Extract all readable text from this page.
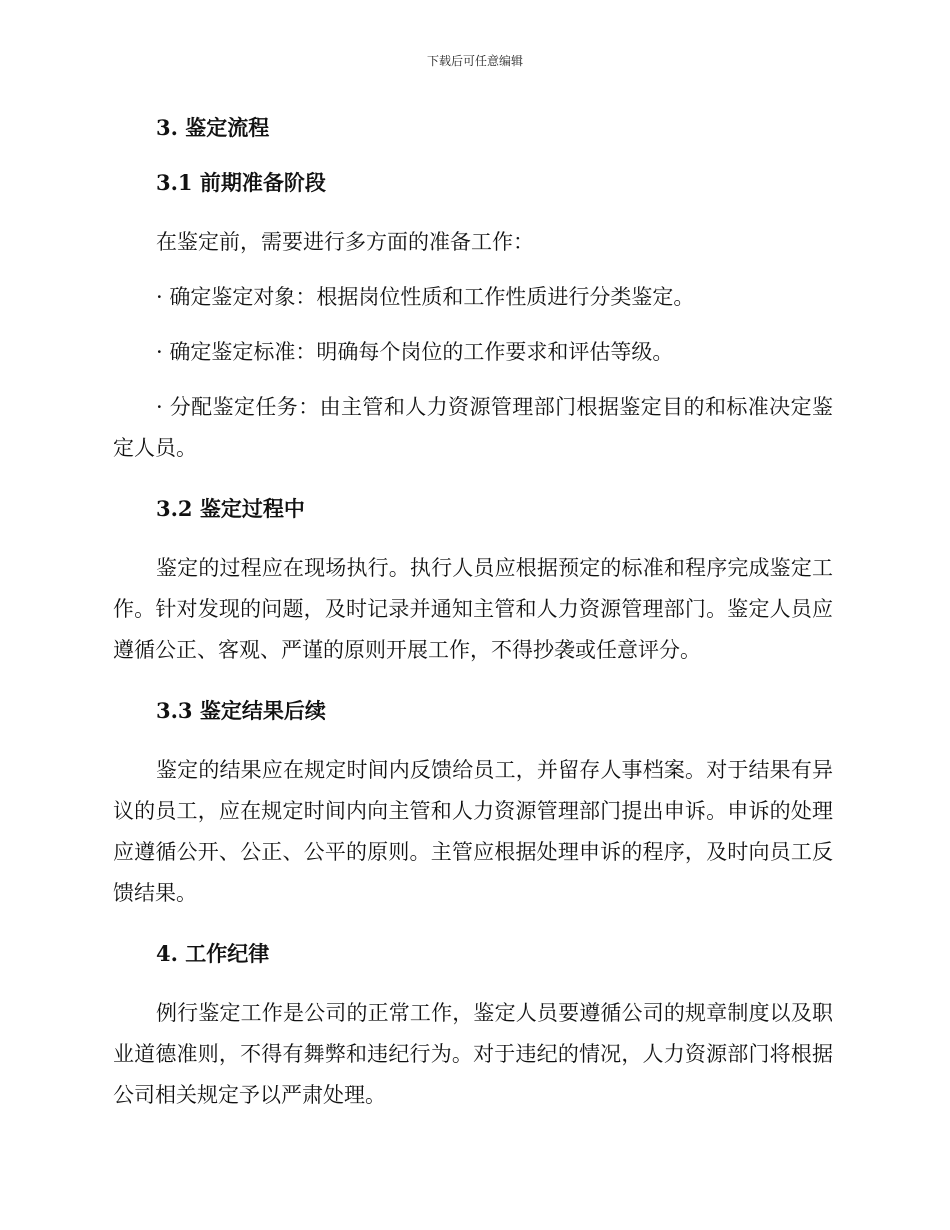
下载后可任意编辑
3. 鉴定流程
3.1 前期准备阶段

在鉴定前，需要进行多方面的准备工作：

· 确定鉴定对象：根据岗位性质和工作性质进行分类鉴定。

· 确定鉴定标准：明确每个岗位的工作要求和评估等级。

· 分配鉴定任务：由主管和人力资源管理部门根据鉴定目的和标准决定鉴定人员。

3.2 鉴定过程中

鉴定的过程应在现场执行。执行人员应根据预定的标准和程序完成鉴定工作。针对发现的问题，及时记录并通知主管和人力资源管理部门。鉴定人员应遵循公正、客观、严谨的原则开展工作，不得抄袭或任意评分。

3.3 鉴定结果后续

鉴定的结果应在规定时间内反馈给员工，并留存人事档案。对于结果有异议的员工，应在规定时间内向主管和人力资源管理部门提出申诉。申诉的处理应遵循公开、公正、公平的原则。主管应根据处理申诉的程序，及时向员工反馈结果。

4. 工作纪律

例行鉴定工作是公司的正常工作，鉴定人员要遵循公司的规章制度以及职业道德准则，不得有舞弊和违纪行为。对于违纪的情况，人力资源部门将根据公司相关规定予以严肃处理。
